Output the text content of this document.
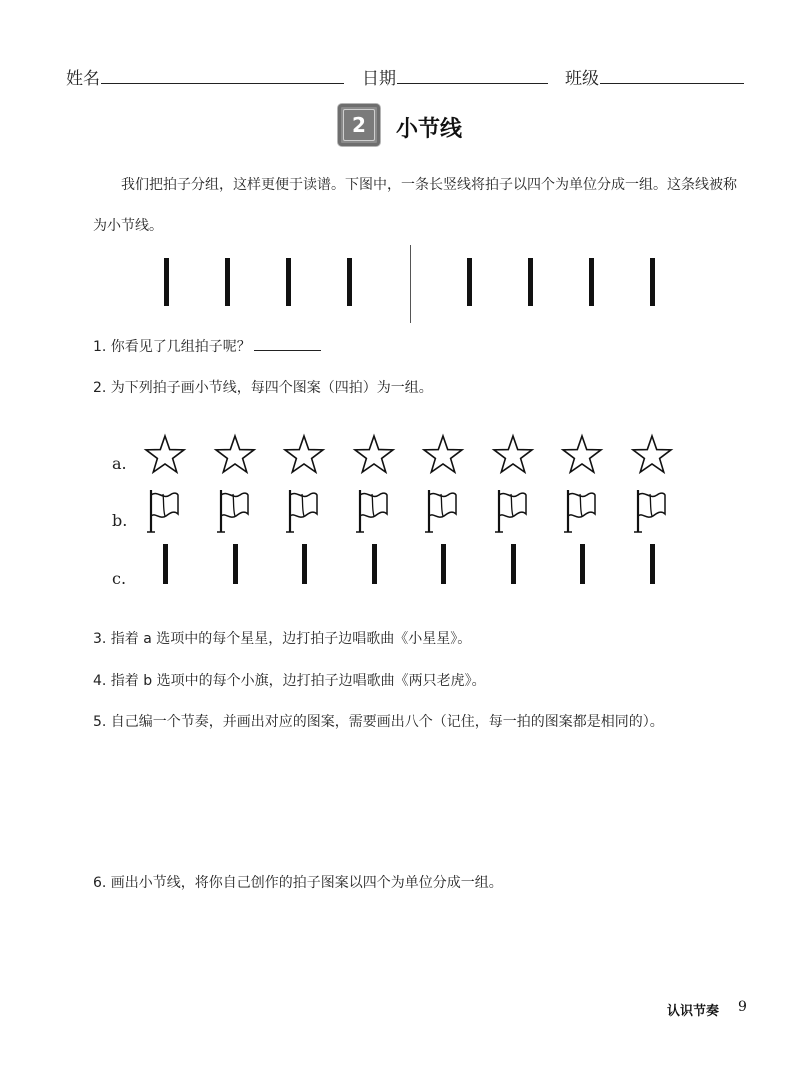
姓名	日期	班级
2	小节线
我们把拍子分组，这样更便于读谱。下图中，一条长竖线将拍子以四个为单位分成一组。这条线被称
为小节线。
1. 你看见了几组拍子呢？
2. 为下列拍子画小节线，每四个图案（四拍）为一组。
a.
b.
c.
3. 指着 a 选项中的每个星星，边打拍子边唱歌曲《小星星》。
4. 指着 b 选项中的每个小旗，边打拍子边唱歌曲《两只老虎》。
5. 自己编一个节奏，并画出对应的图案，需要画出八个（记住，每一拍的图案都是相同的）。
6. 画出小节线，将你自己创作的拍子图案以四个为单位分成一组。
认识节奏 9
